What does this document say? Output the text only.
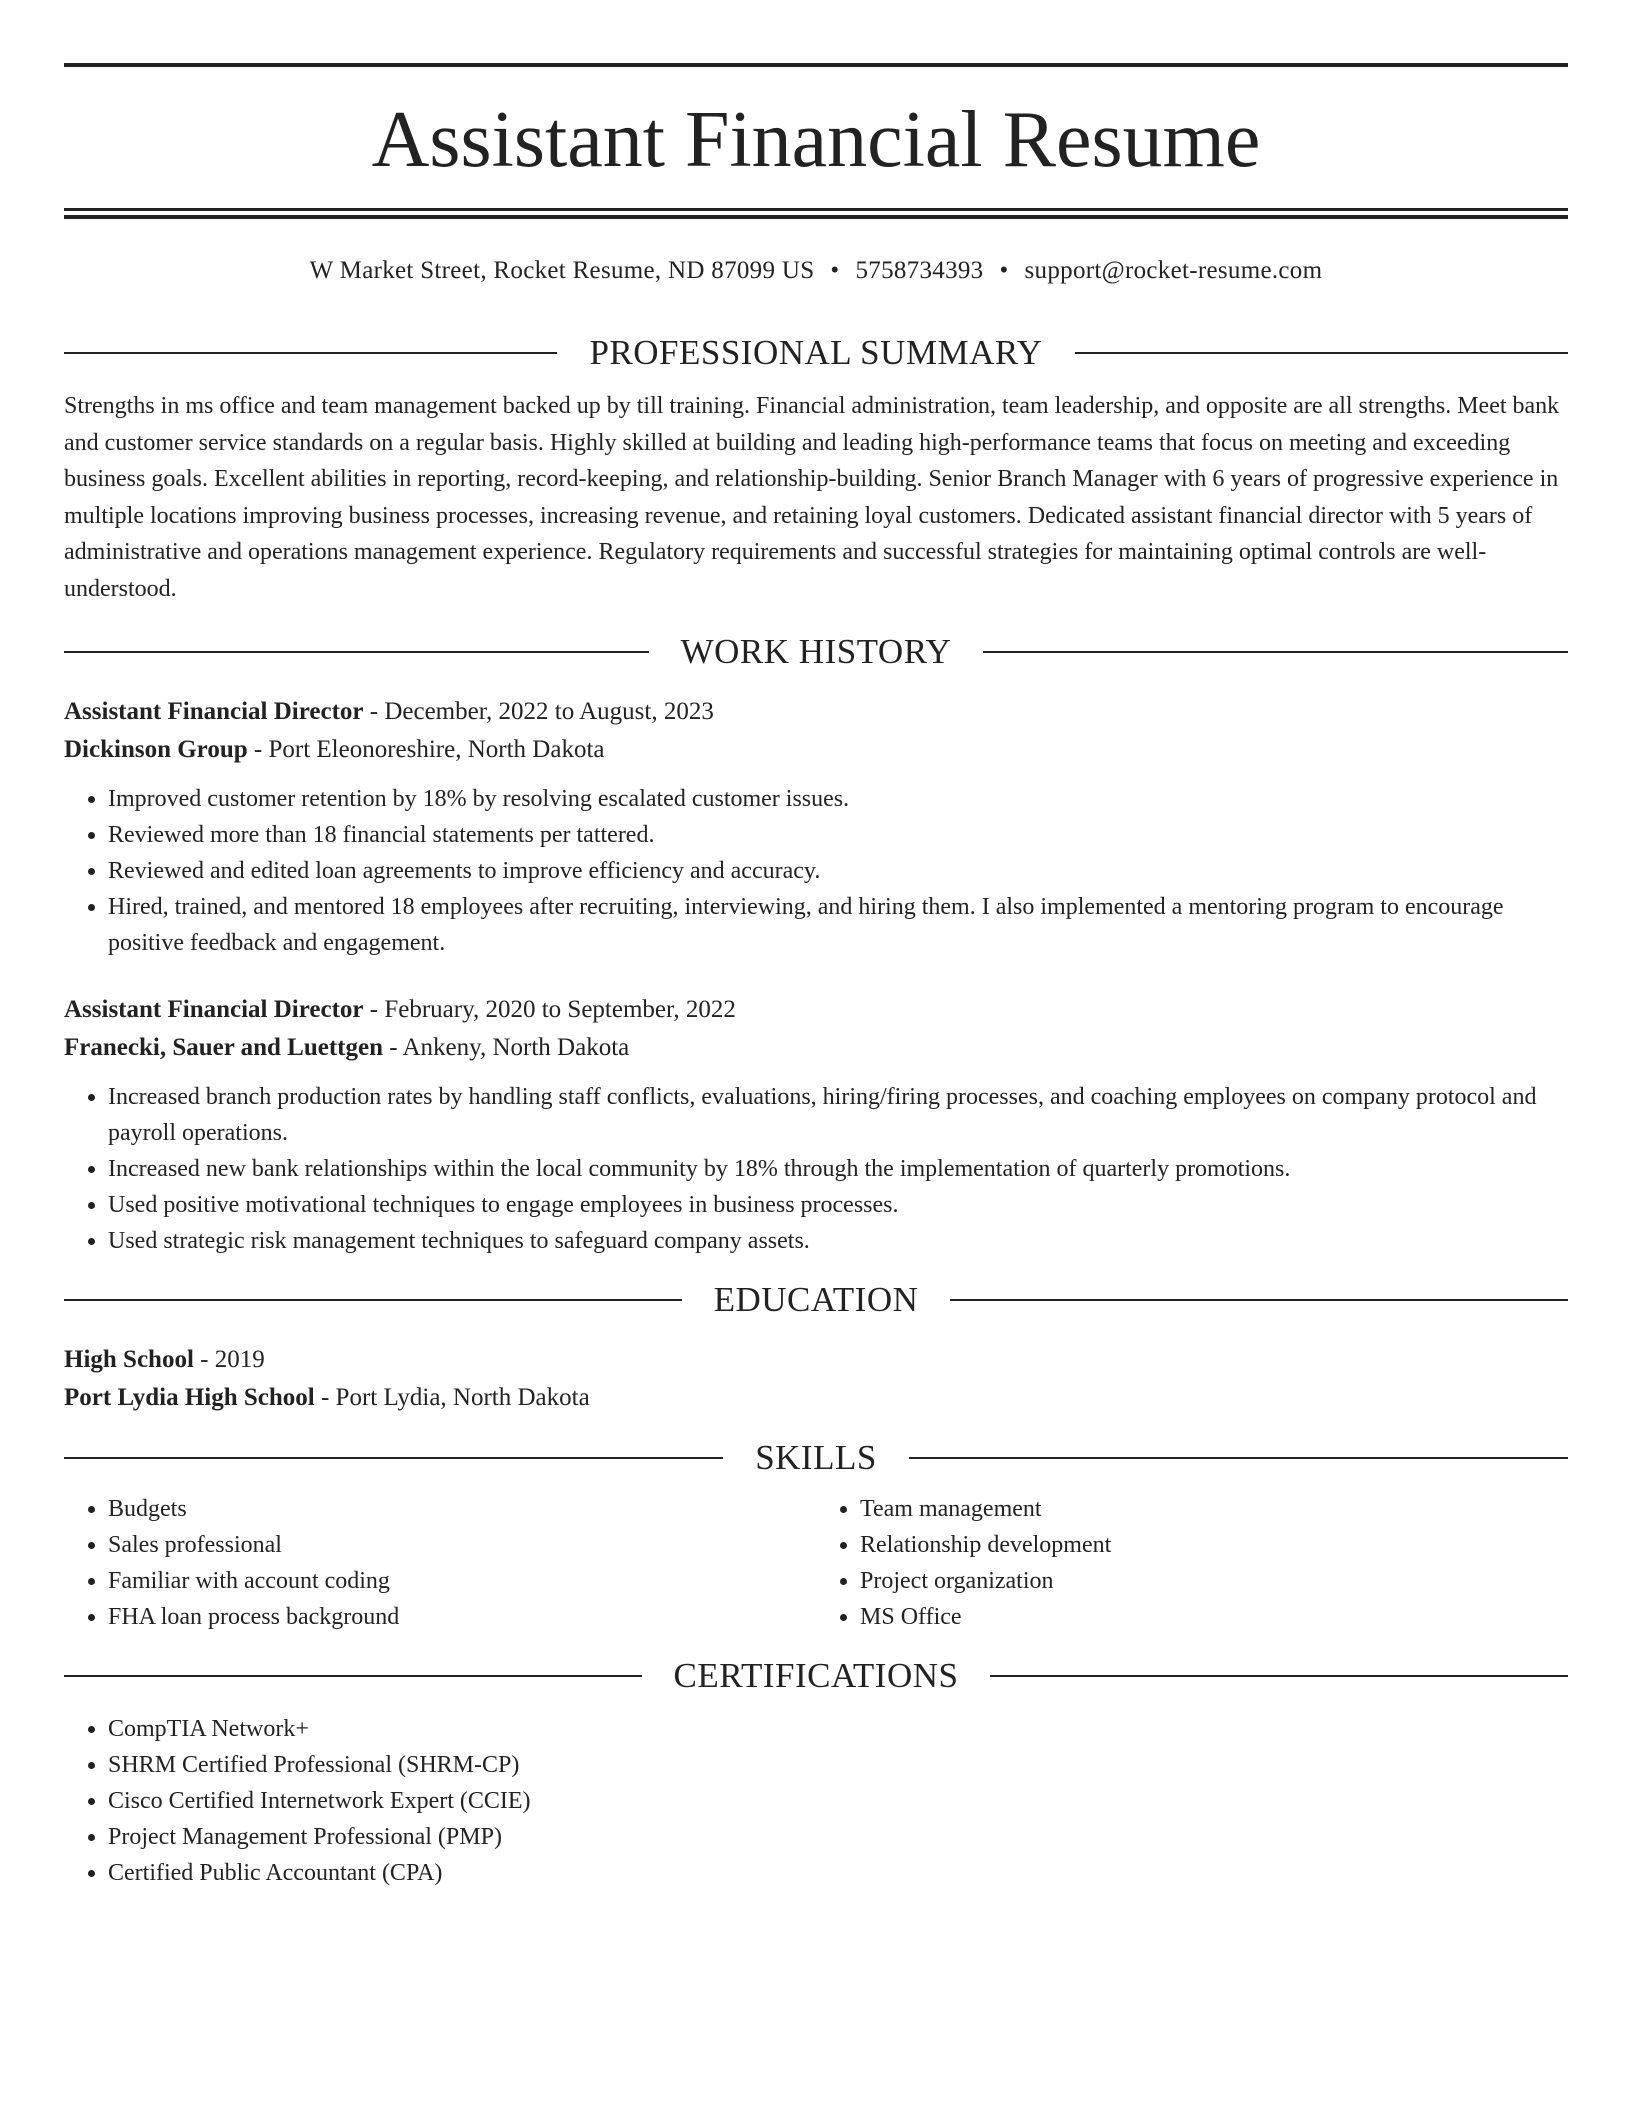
Assistant Financial Resume
W Market Street, Rocket Resume, ND 87099 US • 5758734393 • support@rocket-resume.com
PROFESSIONAL SUMMARY

Strengths in ms office and team management backed up by till training. Financial administration, team leadership, and opposite are all strengths. Meet bank and customer service standards on a regular basis. Highly skilled at building and leading high-performance teams that focus on meeting and exceeding business goals. Excellent abilities in reporting, record-keeping, and relationship-building. Senior Branch Manager with 6 years of progressive experience in multiple locations improving business processes, increasing revenue, and retaining loyal customers. Dedicated assistant financial director with 5 years of administrative and operations management experience. Regulatory requirements and successful strategies for maintaining optimal controls are well-understood.

WORK HISTORY
Assistant Financial Director - December, 2022 to August, 2023
Dickinson Group - Port Eleonoreshire, North Dakota
• Improved customer retention by 18% by resolving escalated customer issues.
• Reviewed more than 18 financial statements per tattered.
• Reviewed and edited loan agreements to improve efficiency and accuracy.
• Hired, trained, and mentored 18 employees after recruiting, interviewing, and hiring them. I also implemented a mentoring program to encourage positive feedback and engagement.
Assistant Financial Director - February, 2020 to September, 2022
Franecki, Sauer and Luettgen - Ankeny, North Dakota
• Increased branch production rates by handling staff conflicts, evaluations, hiring/firing processes, and coaching employees on company protocol and payroll operations.
• Increased new bank relationships within the local community by 18% through the implementation of quarterly promotions.
• Used positive motivational techniques to engage employees in business processes.
• Used strategic risk management techniques to safeguard company assets.
EDUCATION
High School - 2019
Port Lydia High School - Port Lydia, North Dakota
SKILLS
• Budgets
• Sales professional
• Familiar with account coding
• FHA loan process background
• Team management
• Relationship development
• Project organization
• MS Office
CERTIFICATIONS
• CompTIA Network+
• SHRM Certified Professional (SHRM-CP)
• Cisco Certified Internetwork Expert (CCIE)
• Project Management Professional (PMP)
• Certified Public Accountant (CPA)
